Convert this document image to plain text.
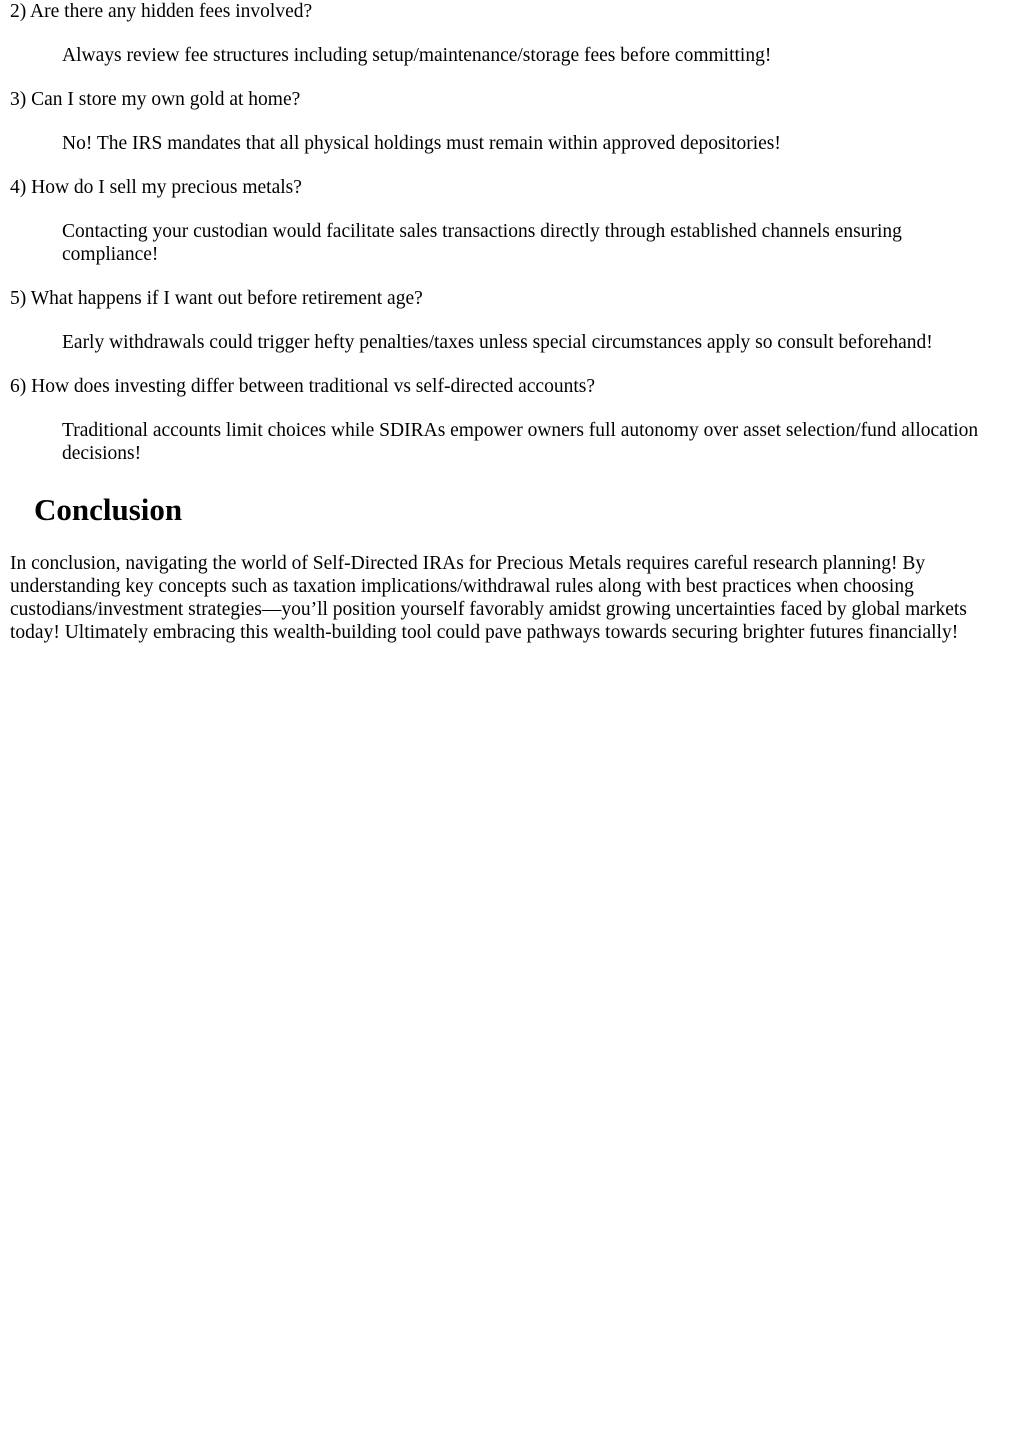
2) Are there any hidden fees involved?

Always review fee structures including setup/maintenance/storage fees before committing!

3) Can I store my own gold at home?

No! The IRS mandates that all physical holdings must remain within approved depositories!

4) How do I sell my precious metals?

Contacting your custodian would facilitate sales transactions directly through established channels ensuring compliance!

5) What happens if I want out before retirement age?

Early withdrawals could trigger hefty penalties/taxes unless special circumstances apply so consult beforehand!

6) How does investing differ between traditional vs self-directed accounts?

Traditional accounts limit choices while SDIRAs empower owners full autonomy over asset selection/fund allocation decisions!

Conclusion

In conclusion, navigating the world of Self-Directed IRAs for Precious Metals requires careful research planning! By understanding key concepts such as taxation implications/withdrawal rules along with best practices when choosing custodians/investment strategies—you’ll position yourself favorably amidst growing uncertainties faced by global markets today! Ultimately embracing this wealth-building tool could pave pathways towards securing brighter futures financially!
